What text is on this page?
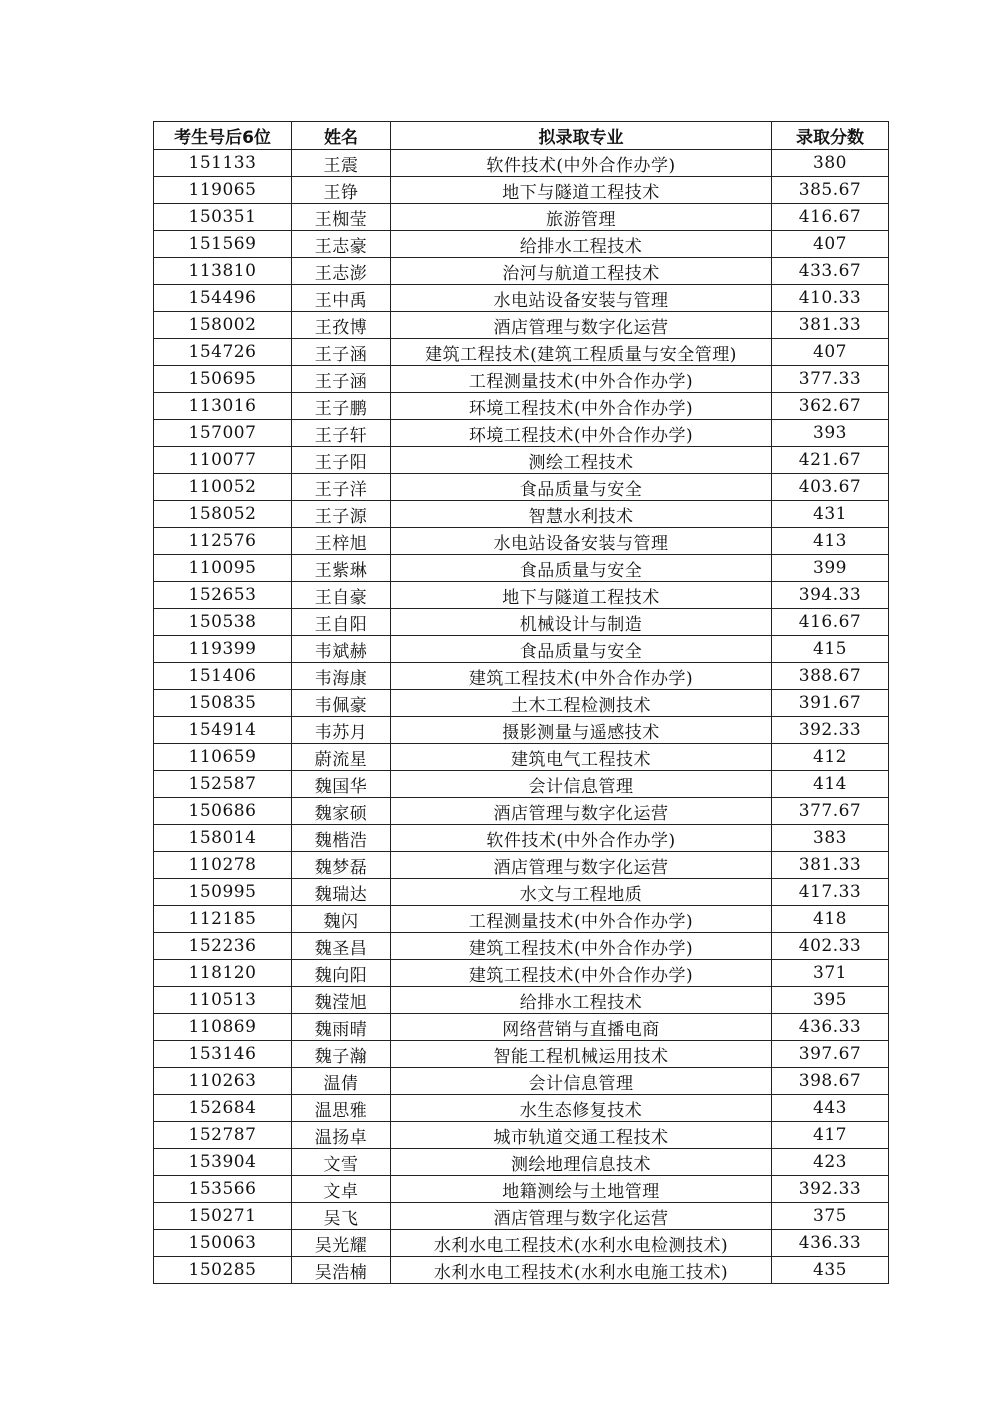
考生号后6位	姓名	拟录取专业	录取分数
151133	王震	软件技术(中外合作办学)	380
119065	王铮	地下与隧道工程技术	385.67
150351	王椥莹	旅游管理	416.67
151569	王志豪	给排水工程技术	407
113810	王志澎	治河与航道工程技术	433.67
154496	王中禹	水电站设备安装与管理	410.33
158002	王孜博	酒店管理与数字化运营	381.33
154726	王子涵	建筑工程技术(建筑工程质量与安全管理)	407
150695	王子涵	工程测量技术(中外合作办学)	377.33
113016	王子鹏	环境工程技术(中外合作办学)	362.67
157007	王子轩	环境工程技术(中外合作办学)	393
110077	王子阳	测绘工程技术	421.67
110052	王子洋	食品质量与安全	403.67
158052	王子源	智慧水利技术	431
112576	王梓旭	水电站设备安装与管理	413
110095	王紫琳	食品质量与安全	399
152653	王自豪	地下与隧道工程技术	394.33
150538	王自阳	机械设计与制造	416.67
119399	韦斌赫	食品质量与安全	415
151406	韦海康	建筑工程技术(中外合作办学)	388.67
150835	韦佩豪	土木工程检测技术	391.67
154914	韦苏月	摄影测量与遥感技术	392.33
110659	蔚流星	建筑电气工程技术	412
152587	魏国华	会计信息管理	414
150686	魏家硕	酒店管理与数字化运营	377.67
158014	魏楷浩	软件技术(中外合作办学)	383
110278	魏梦磊	酒店管理与数字化运营	381.33
150995	魏瑞达	水文与工程地质	417.33
112185	魏闪	工程测量技术(中外合作办学)	418
152236	魏圣昌	建筑工程技术(中外合作办学)	402.33
118120	魏向阳	建筑工程技术(中外合作办学)	371
110513	魏滢旭	给排水工程技术	395
110869	魏雨晴	网络营销与直播电商	436.33
153146	魏子瀚	智能工程机械运用技术	397.67
110263	温倩	会计信息管理	398.67
152684	温思雅	水生态修复技术	443
152787	温扬卓	城市轨道交通工程技术	417
153904	文雪	测绘地理信息技术	423
153566	文卓	地籍测绘与土地管理	392.33
150271	吴飞	酒店管理与数字化运营	375
150063	吴光耀	水利水电工程技术(水利水电检测技术)	436.33
150285	吴浩楠	水利水电工程技术(水利水电施工技术)	435
